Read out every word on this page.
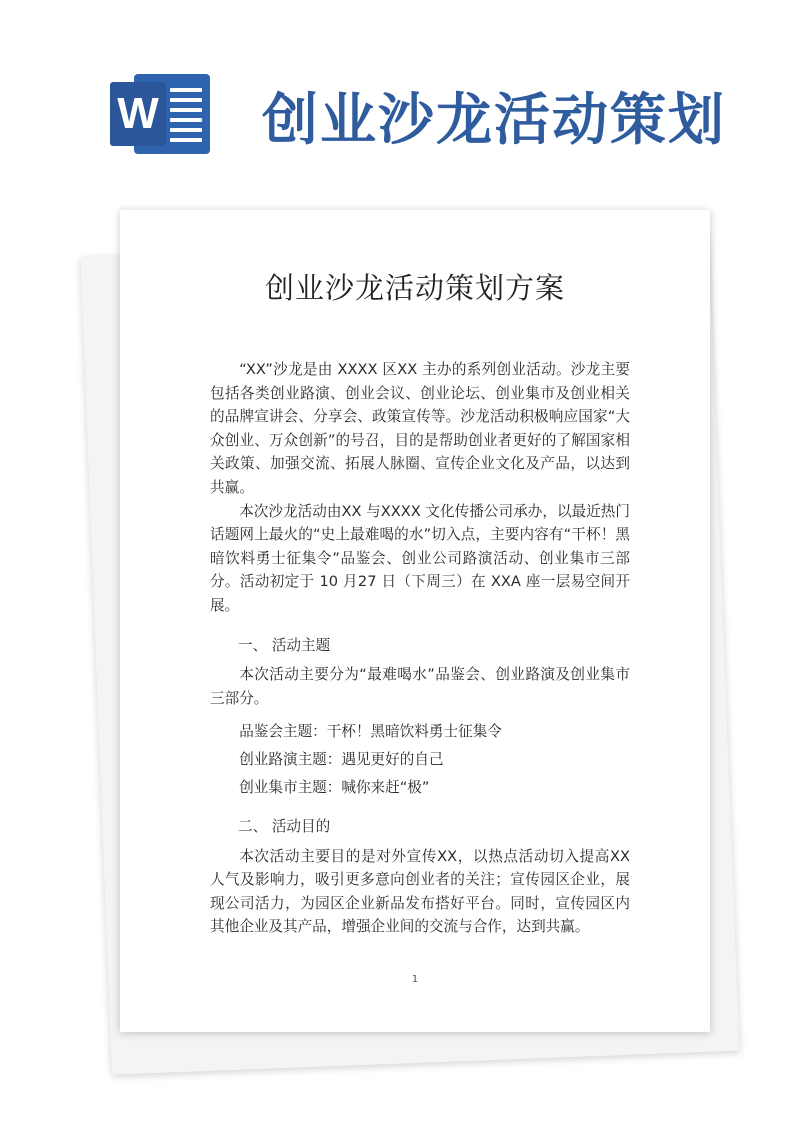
W 创业沙龙活动策划
创业沙龙活动策划方案

“XX”沙龙是由 XXXX 区XX 主办的系列创业活动。沙龙主要包括各类创业路演、创业会议、创业论坛、创业集市及创业相关的品牌宣讲会、分享会、政策宣传等。沙龙活动积极响应国家“大众创业、万众创新”的号召，目的是帮助创业者更好的了解国家相关政策、加强交流、拓展人脉圈、宣传企业文化及产品，以达到共赢。

本次沙龙活动由XX 与XXXX 文化传播公司承办，以最近热门话题网上最火的“史上最难喝的水”切入点，主要内容有“干杯！黑暗饮料勇士征集令”品鉴会、创业公司路演活动、创业集市三部分。活动初定于 10 月27 日（下周三）在 XXA 座一层易空间开展。

一、 活动主题

本次活动主要分为“最难喝水”品鉴会、创业路演及创业集市三部分。

品鉴会主题：干杯！黑暗饮料勇士征集令

创业路演主题：遇见更好的自己

创业集市主题：喊你来赶“极”

二、 活动目的

本次活动主要目的是对外宣传XX，以热点活动切入提高XX 人气及影响力，吸引更多意向创业者的关注；宣传园区企业，展现公司活力，为园区企业新品发布搭好平台。同时，宣传园区内其他企业及其产品，增强企业间的交流与合作，达到共赢。

1
